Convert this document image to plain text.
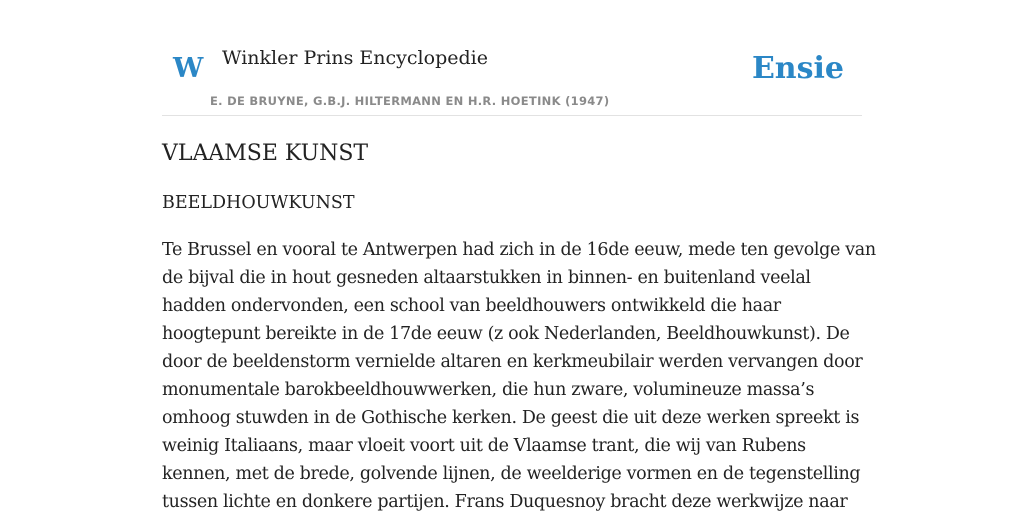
W Winkler Prins Encyclopedie
E. DE BRUYNE, G.B.J. HILTERMANN EN H.R. HOETINK (1947)
Ensie
VLAAMSE KUNST
BEELDHOUWKUNST

Te Brussel en vooral te Antwerpen had zich in de 16de eeuw, mede ten gevolge van
de bijval die in hout gesneden altaarstukken in binnen- en buitenland veelal
hadden ondervonden, een school van beeldhouwers ontwikkeld die haar
hoogtepunt bereikte in de 17de eeuw (z ook Nederlanden, Beeldhouwkunst). De
door de beeldenstorm vernielde altaren en kerkmeubilair werden vervangen door
monumentale barokbeeldhouwwerken, die hun zware, volumineuze massa’s
omhoog stuwden in de Gothische kerken. De geest die uit deze werken spreekt is
weinig Italiaans, maar vloeit voort uit de Vlaamse trant, die wij van Rubens
kennen, met de brede, golvende lijnen, de weelderige vormen en de tegenstelling
tussen lichte en donkere partijen. Frans Duquesnoy bracht deze werkwijze naar
